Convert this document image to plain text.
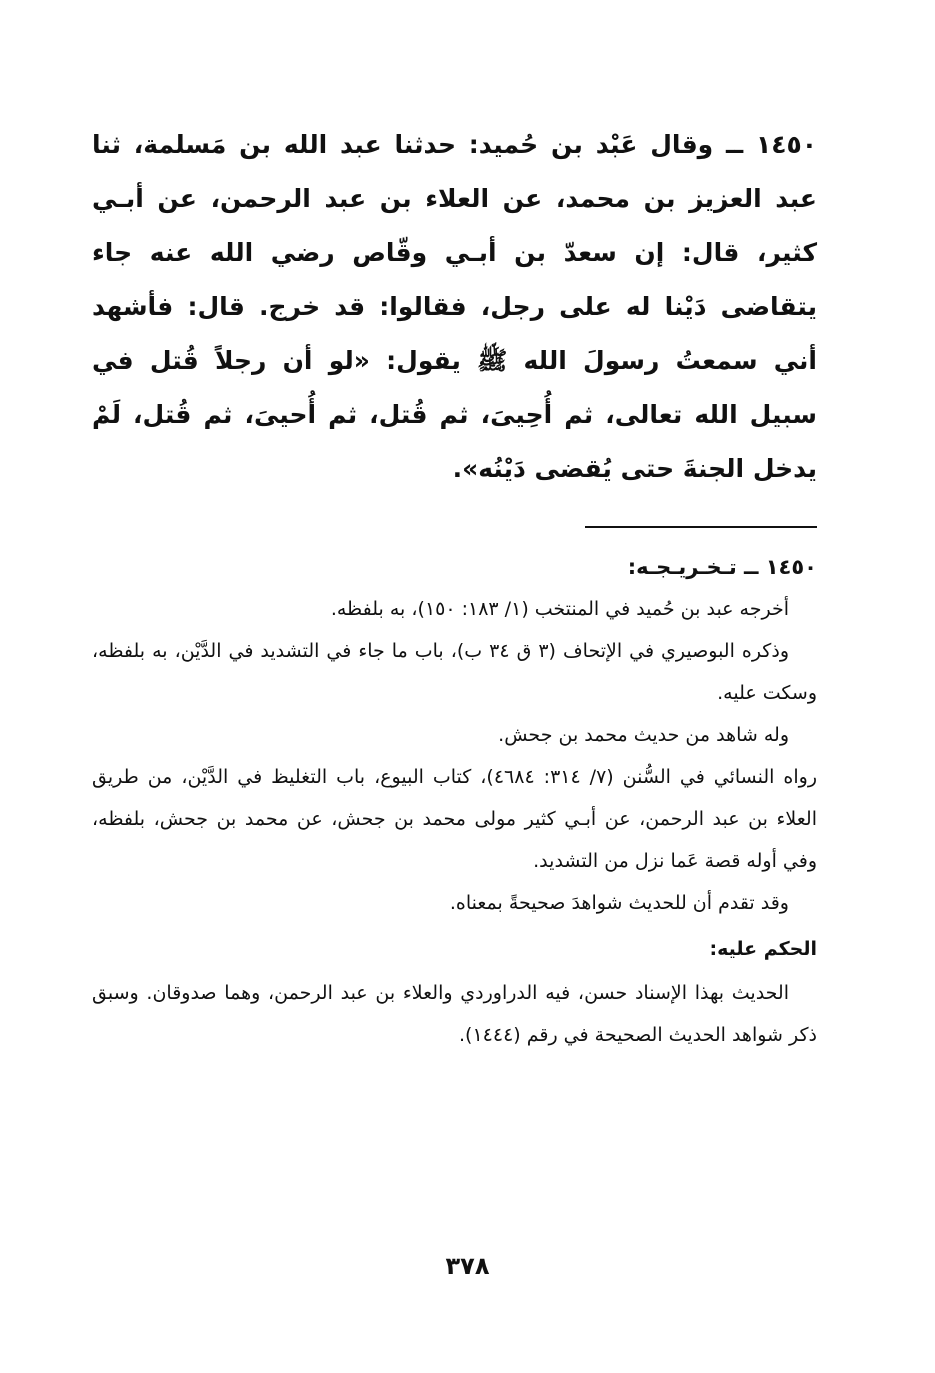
١٤٥٠ ــ وقال عَبْد بن حُميد: حدثنا عبد الله بن مَسلمة، ثنا عبد العزيز بن محمد، عن العلاء بن عبد الرحمن، عن أبـي كثير، قال: إن سعدّ بن أبـي وقّاص رضي الله عنه جاء يتقاضى دَيْنا له على رجل، فقالوا: قد خرج. قال: فأشهد أني سمعتُ رسولَ الله ﷺ يقول: «لو أن رجلاً قُتل في سبيل الله تعالى، ثم أُحِيىَ، ثم قُتل، ثم أُحيىَ، ثم قُتل، لَمْ يدخل الجنةَ حتى يُقضى دَيْنُه».

١٤٥٠ ــ تـخـريـجـه:

أخرجه عبد بن حُميد في المنتخب (١/ ١٨٣: ١٥٠)، به بلفظه.

وذكره البوصيري في الإتحاف (٣ ق ٣٤ ب)، باب ما جاء في التشديد في الدَّيْن، به بلفظه، وسكت عليه.

وله شاهد من حديث محمد بن جحش.

رواه النسائي في السُّنن (٧/ ٣١٤: ٤٦٨٤)، كتاب البيوع، باب التغليظ في الدَّيْن، من طريق العلاء بن عبد الرحمن، عن أبـي كثير مولى محمد بن جحش، عن محمد بن جحش، بلفظه، وفي أوله قصة عَما نزل من التشديد.

وقد تقدم أن للحديث شواهدَ صحيحةً بمعناه.

الحكم عليه:

الحديث بهذا الإسناد حسن، فيه الدراوردي والعلاء بن عبد الرحمن، وهما صدوقان. وسبق ذكر شواهد الحديث الصحيحة في رقم (١٤٤٤).

٣٧٨
